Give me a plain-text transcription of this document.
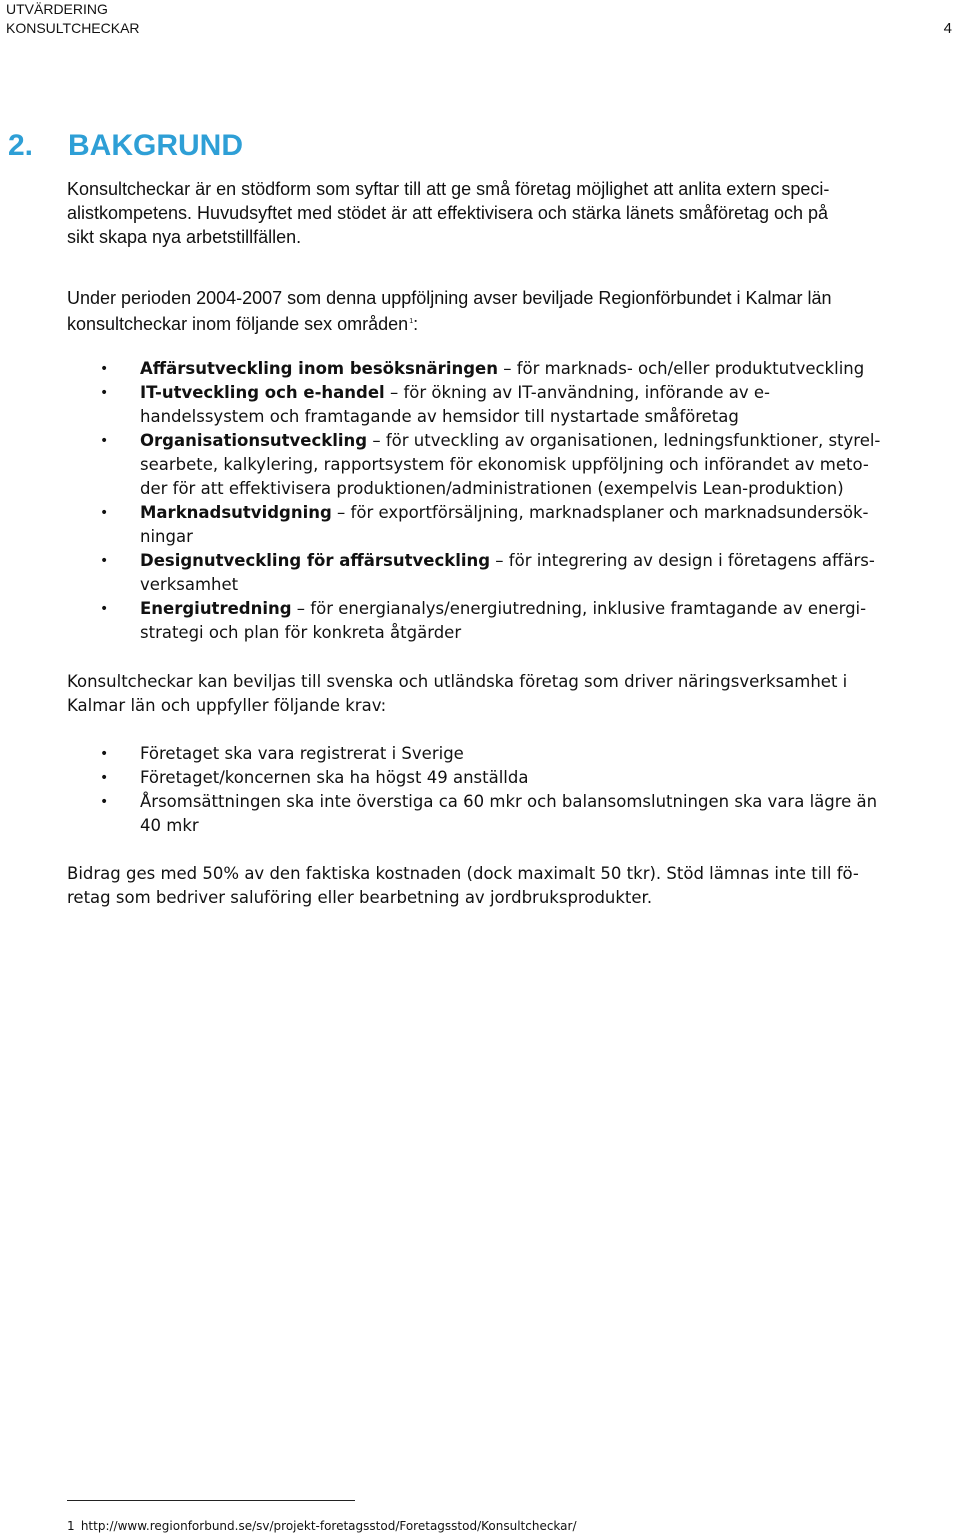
UTVÄRDERING
KONSULTCHECKAR	4
2. BAKGRUND

Konsultcheckar är en stödform som syftar till att ge små företag möjlighet att anlita extern speci-
alistkompetens. Huvudsyftet med stödet är att effektivisera och stärka länets småföretag och på
sikt skapa nya arbetstillfällen.

Under perioden 2004-2007 som denna uppföljning avser beviljade Regionförbundet i Kalmar län
konsultcheckar inom följande sex områden$^1$:

• Affärsutveckling inom besöksnäringen – för marknads- och/eller produktutveckling
• IT-utveckling och e-handel – för ökning av IT-användning, införande av e-
handelssystem och framtagande av hemsidor till nystartade småföretag
• Organisationsutveckling – för utveckling av organisationen, ledningsfunktioner, styrel-
searbete, kalkylering, rapportsystem för ekonomisk uppföljning och införandet av meto-
der för att effektivisera produktionen/administrationen (exempelvis Lean-produktion)
• Marknadsutvidgning – för exportförsäljning, marknadsplaner och marknadsundersök-
ningar
• Designutveckling för affärsutveckling – för integrering av design i företagens affärs-
verksamhet
• Energiutredning – för energianalys/energiutredning, inklusive framtagande av energi-
strategi och plan för konkreta åtgärder

Konsultcheckar kan beviljas till svenska och utländska företag som driver näringsverksamhet i
Kalmar län och uppfyller följande krav:

• Företaget ska vara registrerat i Sverige
• Företaget/koncernen ska ha högst 49 anställda
• Årsomsättningen ska inte överstiga ca 60 mkr och balansomslutningen ska vara lägre än
40 mkr

Bidrag ges med 50% av den faktiska kostnaden (dock maximalt 50 tkr). Stöd lämnas inte till fö-
retag som bedriver saluföring eller bearbetning av jordbruksprodukter.

1 http://www.regionforbund.se/sv/projekt-foretagsstod/Foretagsstod/Konsultcheckar/
